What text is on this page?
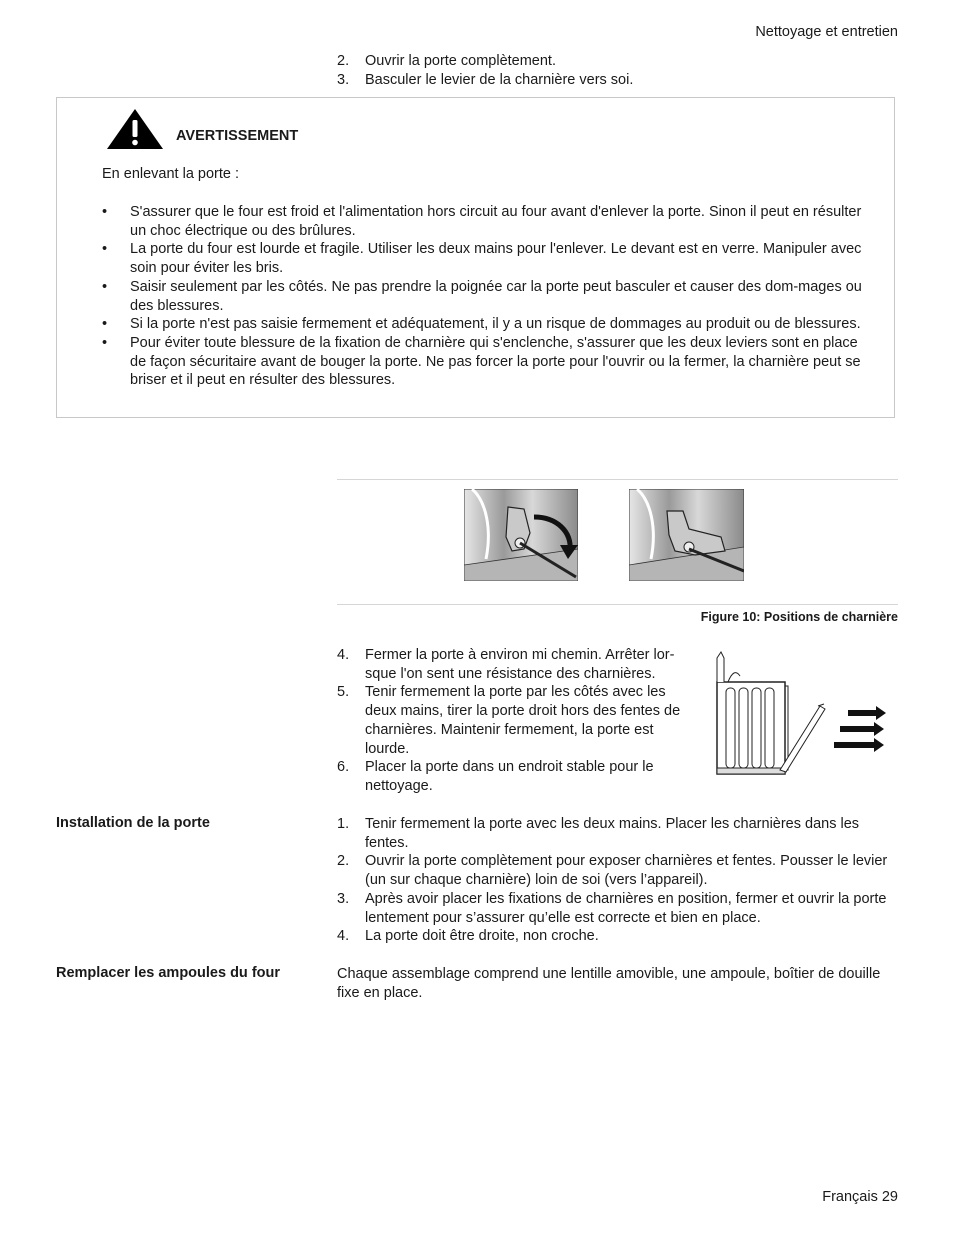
Nettoyage et entretien
2. Ouvrir la porte complètement.
3. Basculer le levier de la charnière vers soi.
AVERTISSEMENT
En enlevant la porte :
• S'assurer que le four est froid et l'alimentation hors circuit au four avant d'enlever la porte. Sinon il peut en résulter un choc électrique ou des brûlures.
• La porte du four est lourde et fragile. Utiliser les deux mains pour l'enlever. Le devant est en verre. Manipuler avec soin pour éviter les bris.
• Saisir seulement par les côtés. Ne pas prendre la poignée car la porte peut basculer et causer des dom-mages ou des blessures.
• Si la porte n'est pas saisie fermement et adéquatement, il y a un risque de dommages au produit ou de blessures.
• Pour éviter toute blessure de la fixation de charnière qui s'enclenche, s'assurer que les deux leviers sont en place de façon sécuritaire avant de bouger la porte. Ne pas forcer la porte pour l'ouvrir ou la fermer, la charnière peut se briser et il peut en résulter des blessures.
Figure 10: Positions de charnière
4. Fermer la porte à environ mi chemin. Arrêter lor-sque l'on sent une résistance des charnières.
5. Tenir fermement la porte par les côtés avec les deux mains, tirer la porte droit hors des fentes de charnières. Maintenir fermement, la porte est lourde.
6. Placer la porte dans un endroit stable pour le nettoyage.
Installation de la porte	1. Tenir fermement la porte avec les deux mains. Placer les charnières dans les fentes.
2. Ouvrir la porte complètement pour exposer charnières et fentes. Pousser le levier (un sur chaque charnière) loin de soi (vers l’appareil).
3. Après avoir placer les fixations de charnières en position, fermer et ouvrir la porte lentement pour s’assurer qu’elle est correcte et bien en place.
4. La porte doit être droite, non croche.
Remplacer les ampoules du four	Chaque assemblage comprend une lentille amovible, une ampoule, boîtier de douille fixe en place.
Français 29
